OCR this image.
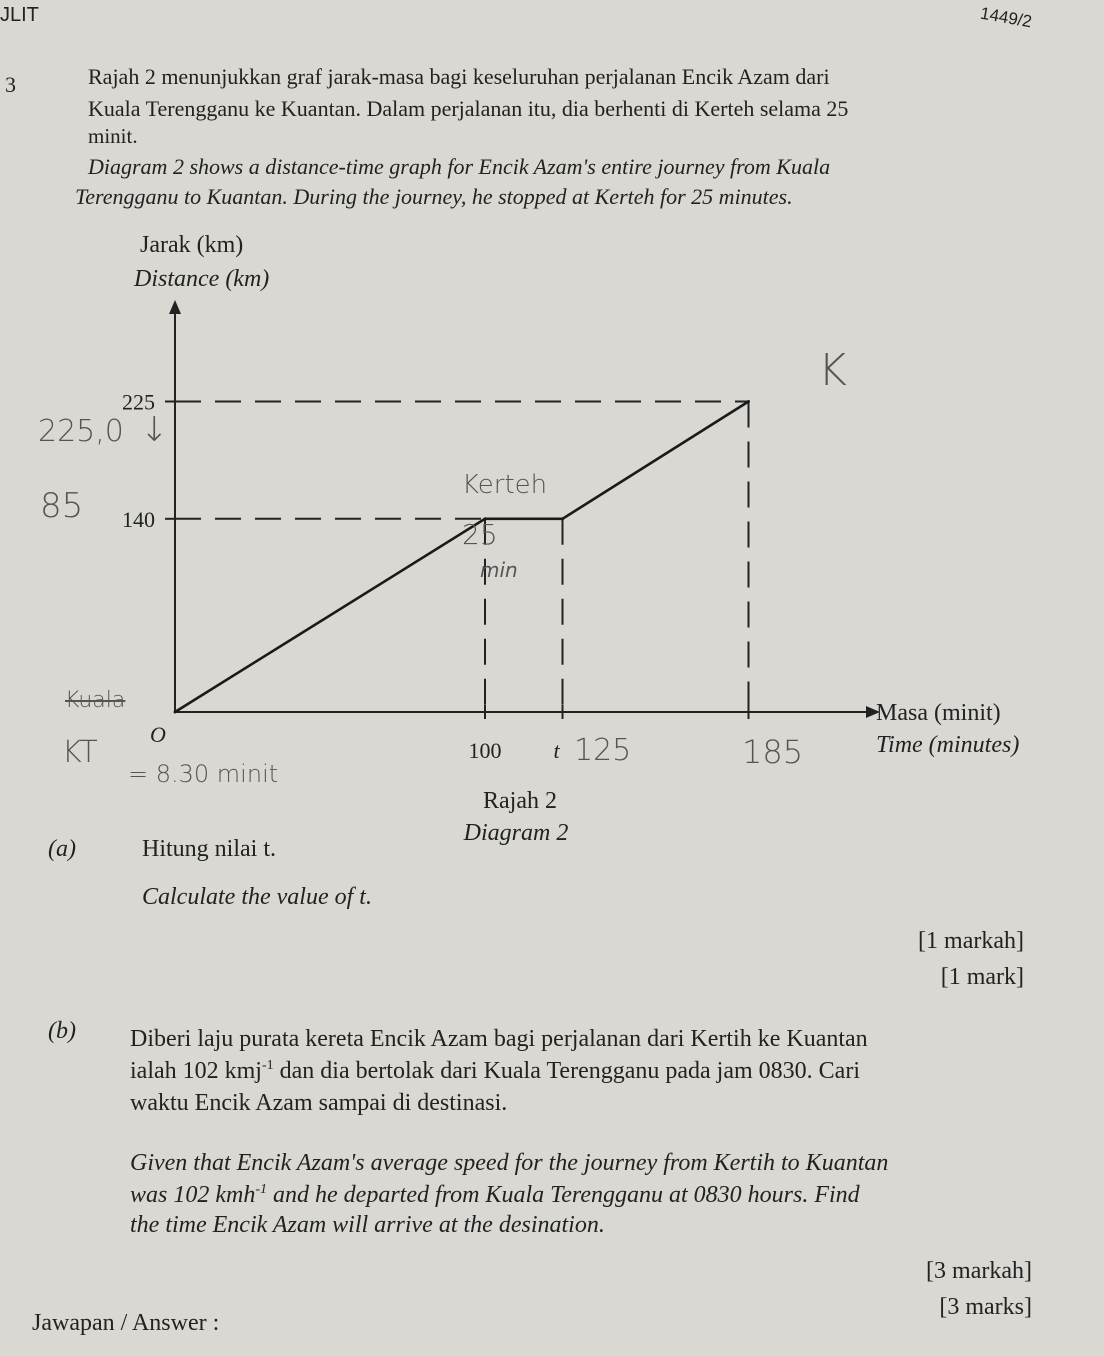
JLIT	1449/2
3	Rajah 2 menunjukkan graf jarak-masa bagi keseluruhan perjalanan Encik Azam dari
Kuala Terengganu ke Kuantan. Dalam perjalanan itu, dia berhenti di Kerteh selama 25
minit.
Diagram 2 shows a distance-time graph for Encik Azam's entire journey from Kuala
Terengganu to Kuantan. During the journey, he stopped at Kerteh for 25 minutes.
Jarak (km)
Distance (km)
Masa (minit)
Time (minutes)
O
140
225
100 t
Rajah 2
Diagram 2
K
Kerteh
25
min
225,0 ↓
85
Kuala
KT
= 8.30 minit
125	185
(a)	Hitung nilai t.
Calculate the value of t.
[1 markah]
[1 mark]
(b) Diberi laju purata kereta Encik Azam bagi perjalanan dari Kertih ke Kuantan
ialah 102 kmj$^{-1}$ dan dia bertolak dari Kuala Terengganu pada jam 0830. Cari
waktu Encik Azam sampai di destinasi.
Given that Encik Azam's average speed for the journey from Kertih to Kuantan
was 102 kmh$^{-1}$ and he departed from Kuala Terengganu at 0830 hours. Find
the time Encik Azam will arrive at the desination.
[3 markah]
[3 marks]
Jawapan / Answer :
